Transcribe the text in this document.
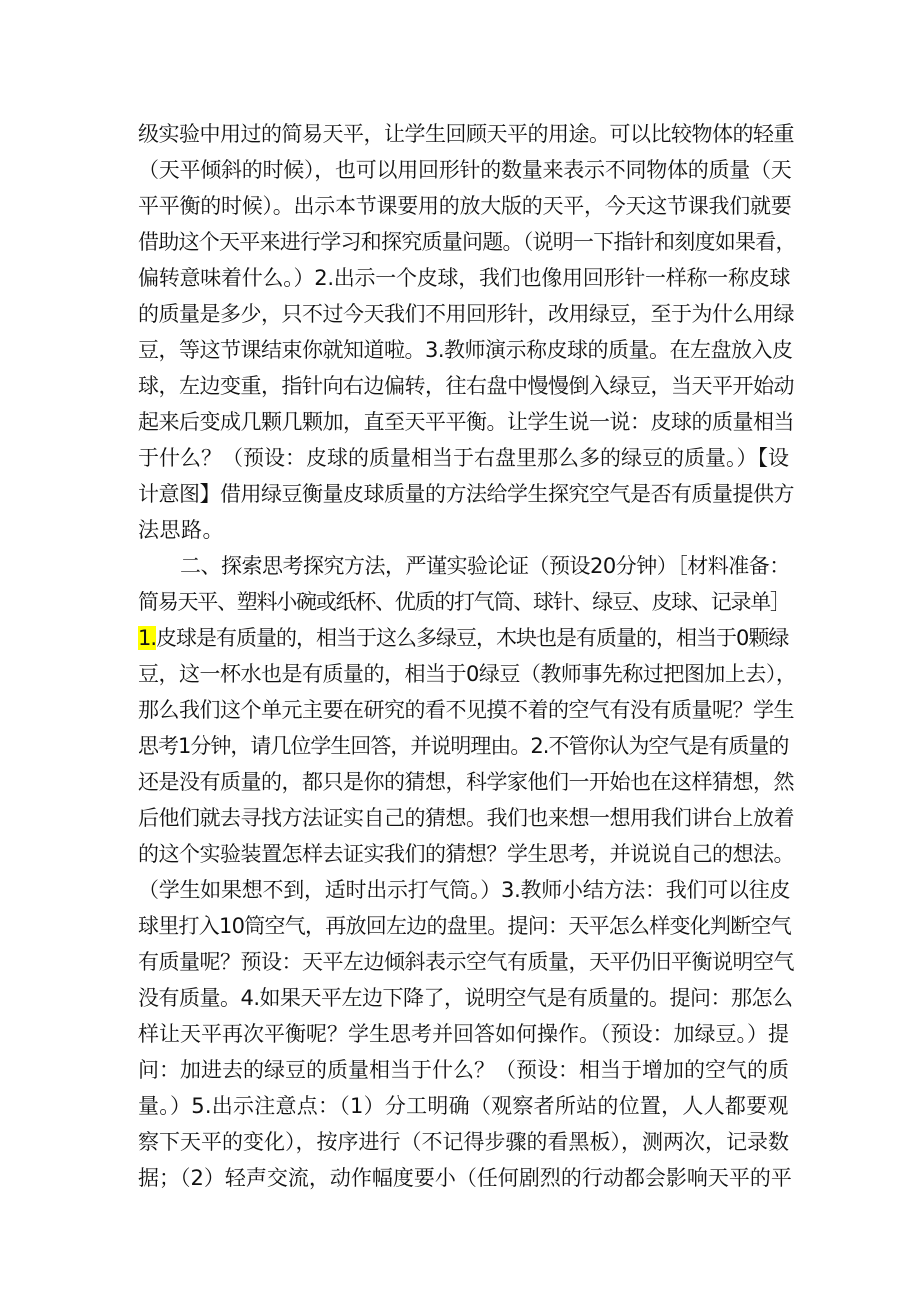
级实验中用过的简易天平，让学生回顾天平的用途。可以比较物体的轻重
（天平倾斜的时候），也可以用回形针的数量来表示不同物体的质量（天
平平衡的时候）。出示本节课要用的放大版的天平，今天这节课我们就要
借助这个天平来进行学习和探究质量问题。（说明一下指针和刻度如果看，
偏转意味着什么。）2.出示一个皮球，我们也像用回形针一样称一称皮球
的质量是多少，只不过今天我们不用回形针，改用绿豆，至于为什么用绿
豆，等这节课结束你就知道啦。3.教师演示称皮球的质量。在左盘放入皮
球，左边变重，指针向右边偏转，往右盘中慢慢倒入绿豆，当天平开始动
起来后变成几颗几颗加，直至天平平衡。让学生说一说：皮球的质量相当
于什么？（预设：皮球的质量相当于右盘里那么多的绿豆的质量。）【设
计意图】借用绿豆衡量皮球质量的方法给学生探究空气是否有质量提供方
法思路。
二、探索思考探究方法，严谨实验论证（预设20分钟）［材料准备：
简易天平、塑料小碗或纸杯、优质的打气筒、球针、绿豆、皮球、记录单］
1.皮球是有质量的，相当于这么多绿豆，木块也是有质量的，相当于0颗绿
豆，这一杯水也是有质量的，相当于0绿豆（教师事先称过把图加上去），
那么我们这个单元主要在研究的看不见摸不着的空气有没有质量呢？学生
思考1分钟，请几位学生回答，并说明理由。2.不管你认为空气是有质量的
还是没有质量的，都只是你的猜想，科学家他们一开始也在这样猜想，然
后他们就去寻找方法证实自己的猜想。我们也来想一想用我们讲台上放着
的这个实验装置怎样去证实我们的猜想？学生思考，并说说自己的想法。
（学生如果想不到，适时出示打气筒。）3.教师小结方法：我们可以往皮
球里打入10筒空气，再放回左边的盘里。提问：天平怎么样变化判断空气
有质量呢？预设：天平左边倾斜表示空气有质量，天平仍旧平衡说明空气
没有质量。4.如果天平左边下降了，说明空气是有质量的。提问：那怎么
样让天平再次平衡呢？学生思考并回答如何操作。（预设：加绿豆。）提
问：加进去的绿豆的质量相当于什么？（预设：相当于增加的空气的质
量。）5.出示注意点：（1）分工明确（观察者所站的位置，人人都要观
察下天平的变化），按序进行（不记得步骤的看黑板），测两次，记录数
据；（2）轻声交流，动作幅度要小（任何剧烈的行动都会影响天平的平
